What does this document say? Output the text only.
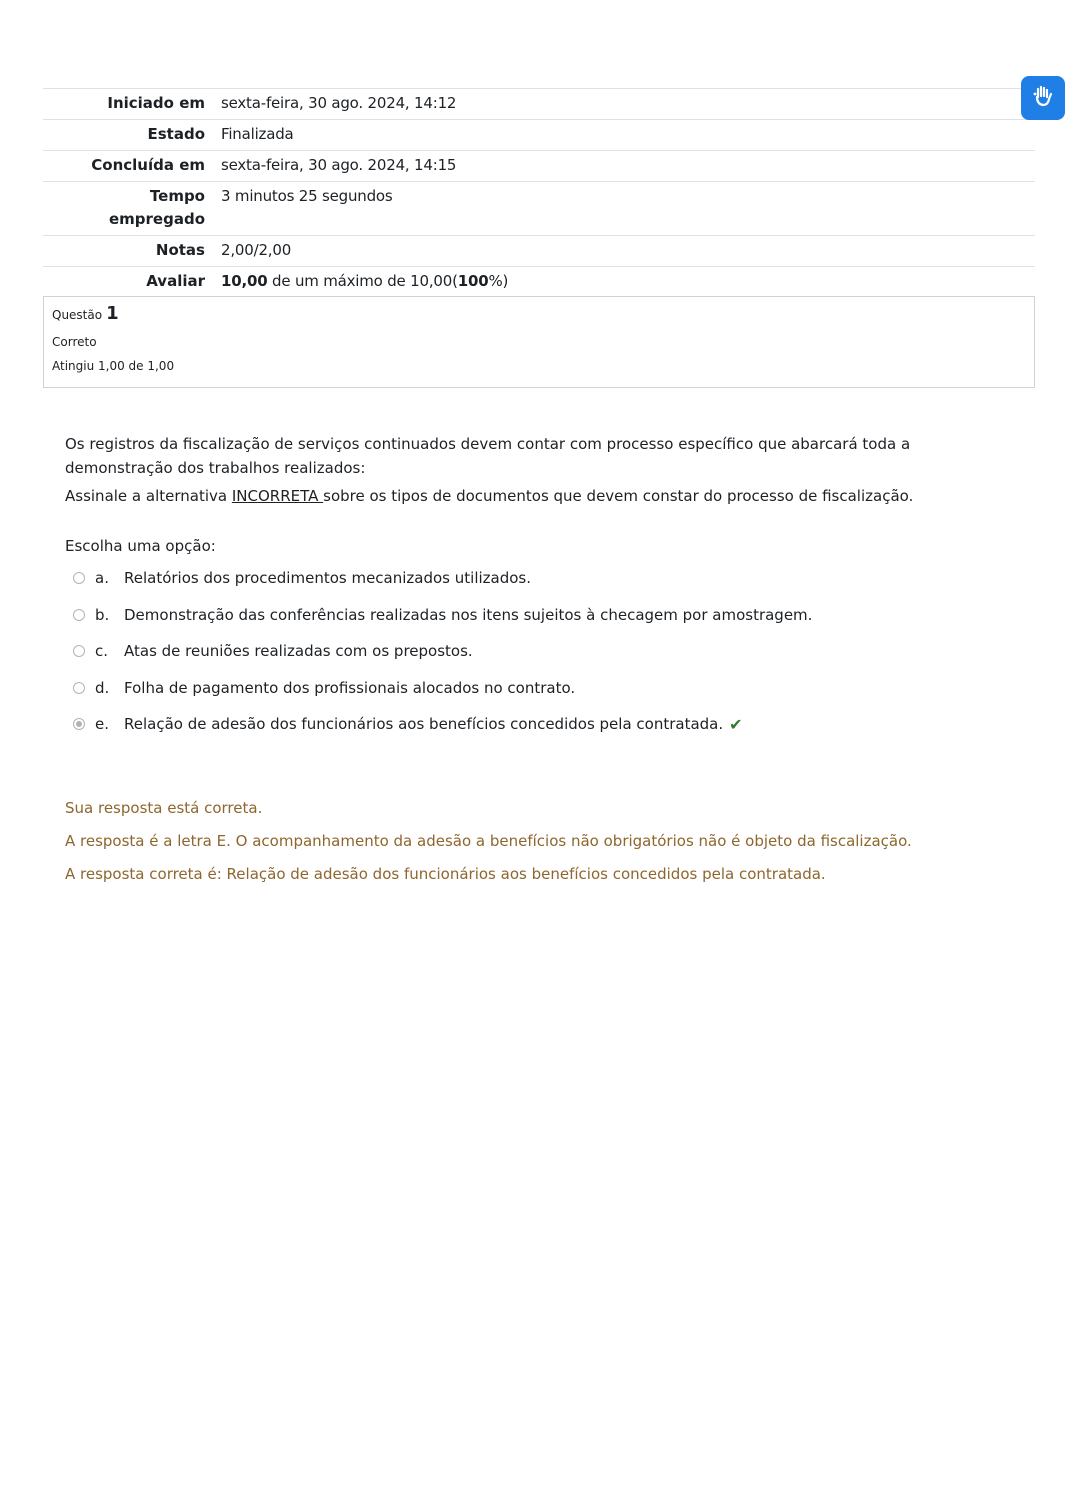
Iniciado em	sexta-feira, 30 ago. 2024, 14:12
Estado	Finalizada
Concluída em	sexta-feira, 30 ago. 2024, 14:15
Tempo empregado	3 minutos 25 segundos
Notas	2,00/2,00
Avaliar	10,00 de um máximo de 10,00(100%)
Questão 1
Correto
Atingiu 1,00 de 1,00

Os registros da fiscalização de serviços continuados devem contar com processo específico que abarcará toda a demonstração dos trabalhos realizados:

Assinale a alternativa INCORRETA sobre os tipos de documentos que devem constar do processo de fiscalização.

Escolha uma opção:
a.	Relatórios dos procedimentos mecanizados utilizados.
b. Demonstração das conferências realizadas nos itens sujeitos à checagem por amostragem.
c.	Atas de reuniões realizadas com os prepostos.
d. Folha de pagamento dos profissionais alocados no contrato.
e.	Relação de adesão dos funcionários aos benefícios concedidos pela contratada. ✔

Sua resposta está correta.

A resposta é a letra E. O acompanhamento da adesão a benefícios não obrigatórios não é objeto da fiscalização.

A resposta correta é: Relação de adesão dos funcionários aos benefícios concedidos pela contratada.
